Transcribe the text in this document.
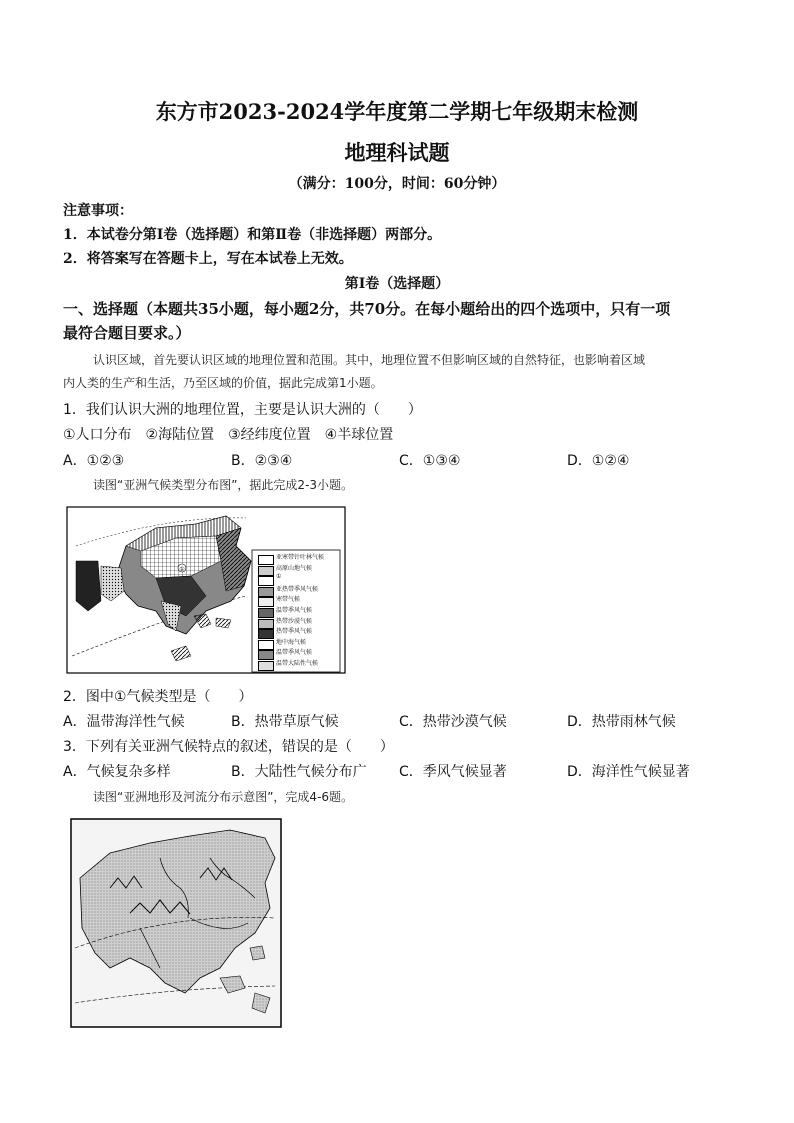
东方市2023-2024学年度第二学期七年级期末检测
地理科试题
（满分：100分，时间：60分钟）
注意事项：
1．本试卷分第Ⅰ卷（选择题）和第Ⅱ卷（非选择题）两部分。
2．将答案写在答题卡上，写在本试卷上无效。
第Ⅰ卷（选择题）
一、选择题（本题共35小题，每小题2分，共70分。在每小题给出的四个选项中，只有一项
最符合题目要求。）
认识区域，首先要认识区域的地理位置和范围。其中，地理位置不但影响区域的自然特征，也影响着区域
内人类的生产和生活，乃至区域的价值，据此完成第1小题。
1．我们认识大洲的地理位置，主要是认识大洲的（　　）
①人口分布　②海陆位置　③经纬度位置　④半球位置
A．①②③	B．②③④	C．①③④	D．①②④
读图“亚洲气候类型分布图”，据此完成2-3小题。
①
亚寒带针叶林气候
高原山地气候
①
亚热带季风气候
寒带气候
温带季风气候
热带沙漠气候
热带季风气候
地中海气候
温带季风气候
温带大陆性气候
2．图中①气候类型是（　　）
A．温带海洋性气候	B．热带草原气候	C．热带沙漠气候	D．热带雨林气候
3．下列有关亚洲气候特点的叙述，错误的是（　　）
A．气候复杂多样	B．大陆性气候分布广 C．季风气候显著	D．海洋性气候显著
读图“亚洲地形及河流分布示意图”，完成4-6题。
